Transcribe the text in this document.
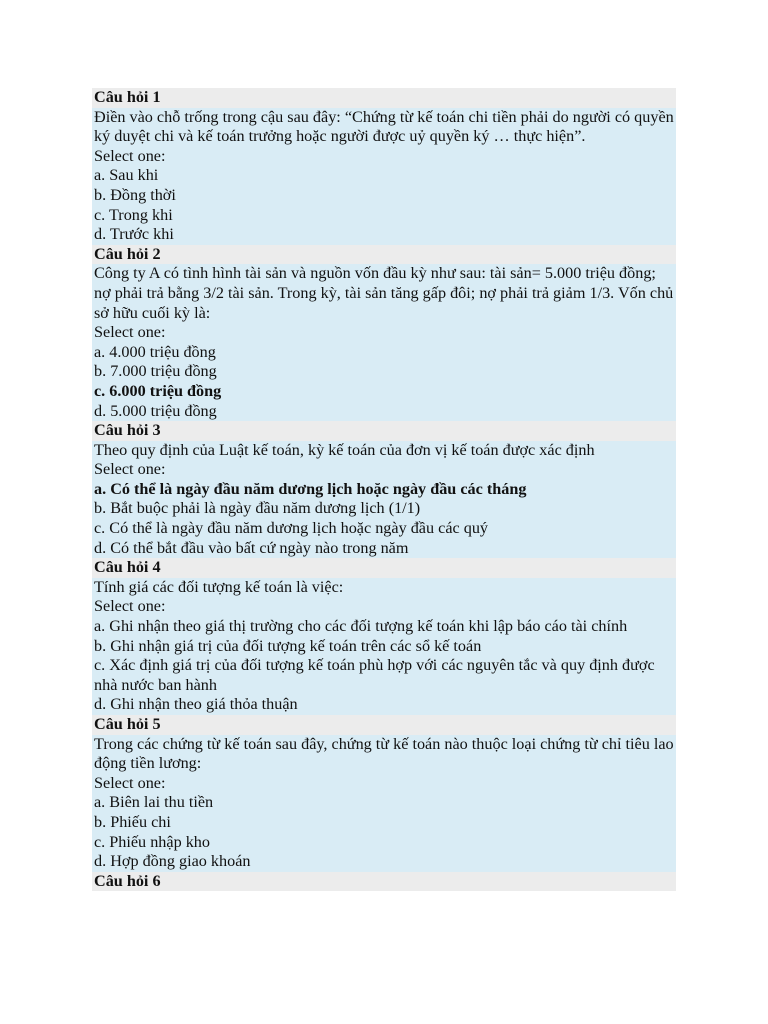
Câu hỏi 1
Điền vào chỗ trống trong cậu sau đây: “Chứng từ kế toán chi tiền phải do người có quyền ký duyệt chi và kế toán trưởng hoặc người được uỷ quyền ký … thực hiện”.
Select one:
a. Sau khi
b. Đồng thời
c. Trong khi
d. Trước khi
Câu hỏi 2
Công ty A có tình hình tài sản và nguồn vốn đầu kỳ như sau: tài sản= 5.000 triệu đồng; nợ phải trả bằng 3/2 tài sản. Trong kỳ, tài sản tăng gấp đôi; nợ phải trả giảm 1/3. Vốn chủ sở hữu cuối kỳ là:
Select one:
a. 4.000 triệu đồng
b. 7.000 triệu đồng
c. 6.000 triệu đồng
d. 5.000 triệu đồng
Câu hỏi 3
Theo quy định của Luật kế toán, kỳ kế toán của đơn vị kế toán được xác định
Select one:
a. Có thể là ngày đầu năm dương lịch hoặc ngày đầu các tháng
b. Bắt buộc phải là ngày đầu năm dương lịch (1/1)
c. Có thể là ngày đầu năm dương lịch hoặc ngày đầu các quý
d. Có thể bắt đầu vào bất cứ ngày nào trong năm
Câu hỏi 4
Tính giá các đối tượng kế toán là việc:
Select one:
a. Ghi nhận theo giá thị trường cho các đối tượng kế toán khi lập báo cáo tài chính
b. Ghi nhận giá trị của đối tượng kế toán trên các sổ kế toán
c. Xác định giá trị của đối tượng kế toán phù hợp với các nguyên tắc và quy định được nhà nước ban hành
d. Ghi nhận theo giá thỏa thuận
Câu hỏi 5
Trong các chứng từ kế toán sau đây, chứng từ kế toán nào thuộc loại chứng từ chỉ tiêu lao động tiền lương:
Select one:
a. Biên lai thu tiền
b. Phiếu chi
c. Phiếu nhập kho
d. Hợp đồng giao khoán
Câu hỏi 6
